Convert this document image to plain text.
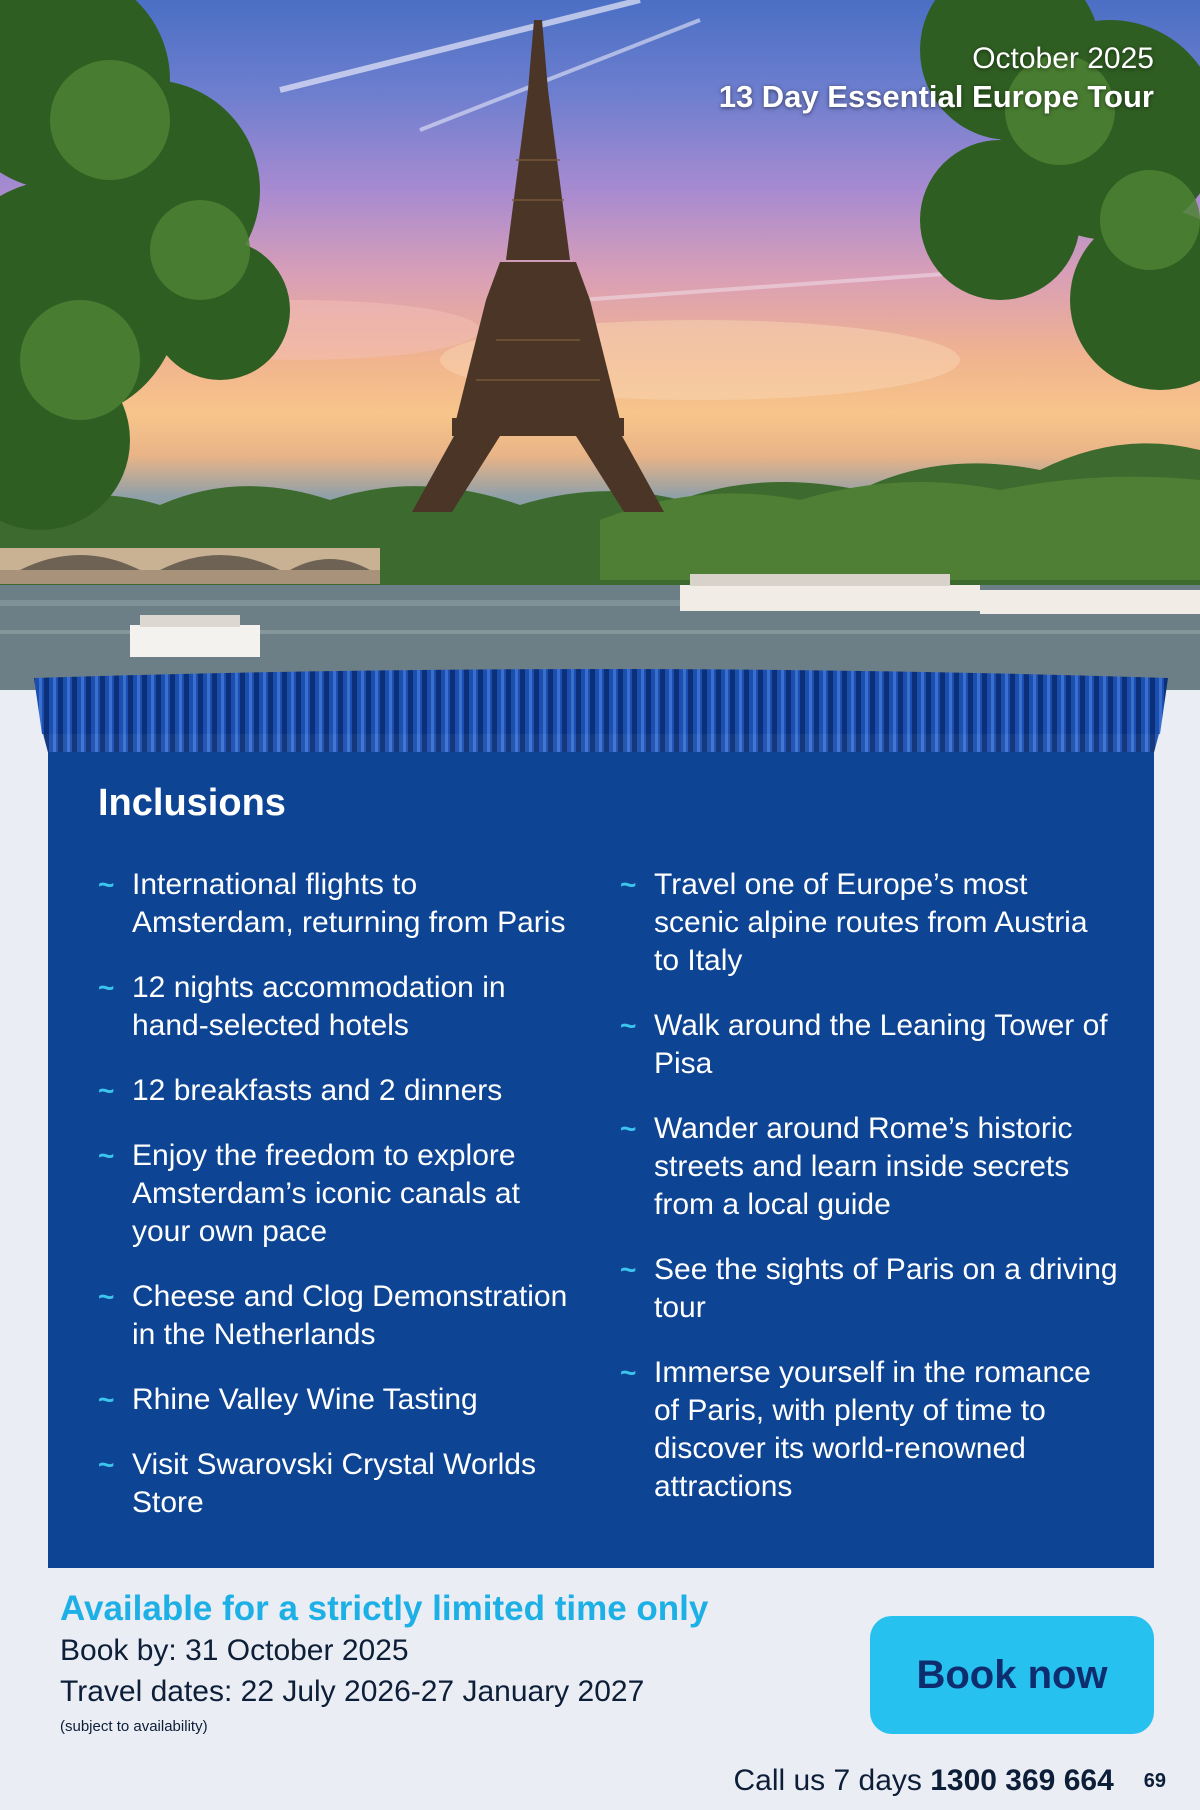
October 2025
13 Day Essential Europe Tour
Inclusions
~ International flights to Amsterdam, returning from Paris
~ 12 nights accommodation in hand-selected hotels
~ 12 breakfasts and 2 dinners
~ Enjoy the freedom to explore Amsterdam’s iconic canals at your own pace
~ Cheese and Clog Demonstration in the Netherlands
~ Rhine Valley Wine Tasting
~ Visit Swarovski Crystal Worlds Store
~ Travel one of Europe’s most scenic alpine routes from Austria to Italy
~ Walk around the Leaning Tower of Pisa
~ Wander around Rome’s historic streets and learn inside secrets from a local guide
~ See the sights of Paris on a driving tour
~ Immerse yourself in the romance of Paris, with plenty of time to discover its world-renowned attractions
Available for a strictly limited time only
Book by: 31 October 2025
Travel dates: 22 July 2026-27 January 2027
(subject to availability)
Book now
Call us 7 days 1300 369 664 69
